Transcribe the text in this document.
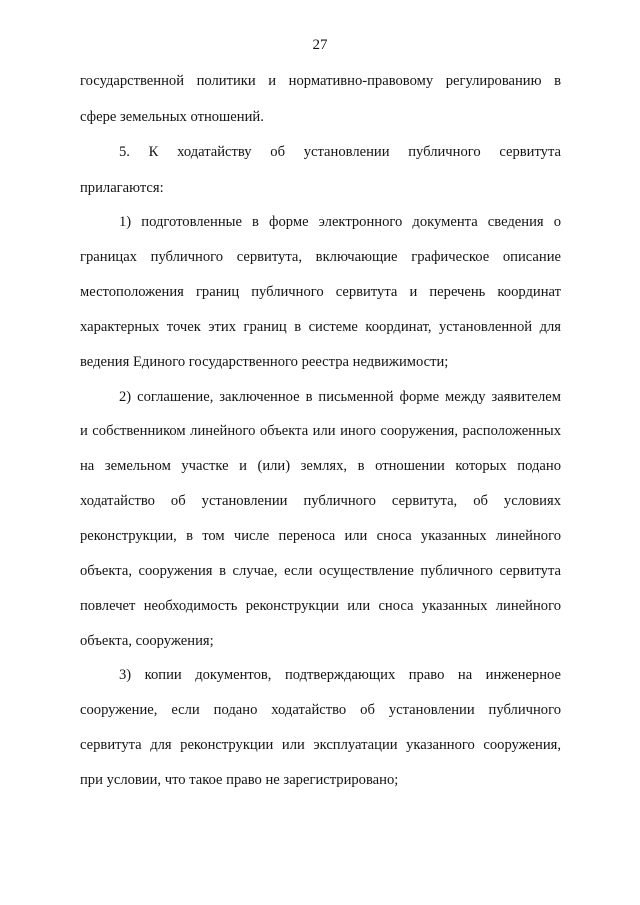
27
государственной политики и нормативно-правовому регулированию в
сфере земельных отношений.
5. К ходатайству об установлении публичного сервитута
прилагаются:
1) подготовленные в форме электронного документа сведения о
границах публичного сервитута, включающие графическое описание
местоположения границ публичного сервитута и перечень координат
характерных точек этих границ в системе координат, установленной для
ведения Единого государственного реестра недвижимости;
2) соглашение, заключенное в письменной форме между заявителем
и собственником линейного объекта или иного сооружения, расположенных
на земельном участке и (или) землях, в отношении которых подано
ходатайство об установлении публичного сервитута, об условиях
реконструкции, в том числе переноса или сноса указанных линейного
объекта, сооружения в случае, если осуществление публичного сервитута
повлечет необходимость реконструкции или сноса указанных линейного
объекта, сооружения;
3) копии документов, подтверждающих право на инженерное
сооружение, если подано ходатайство об установлении публичного
сервитута для реконструкции или эксплуатации указанного сооружения,
при условии, что такое право не зарегистрировано;
